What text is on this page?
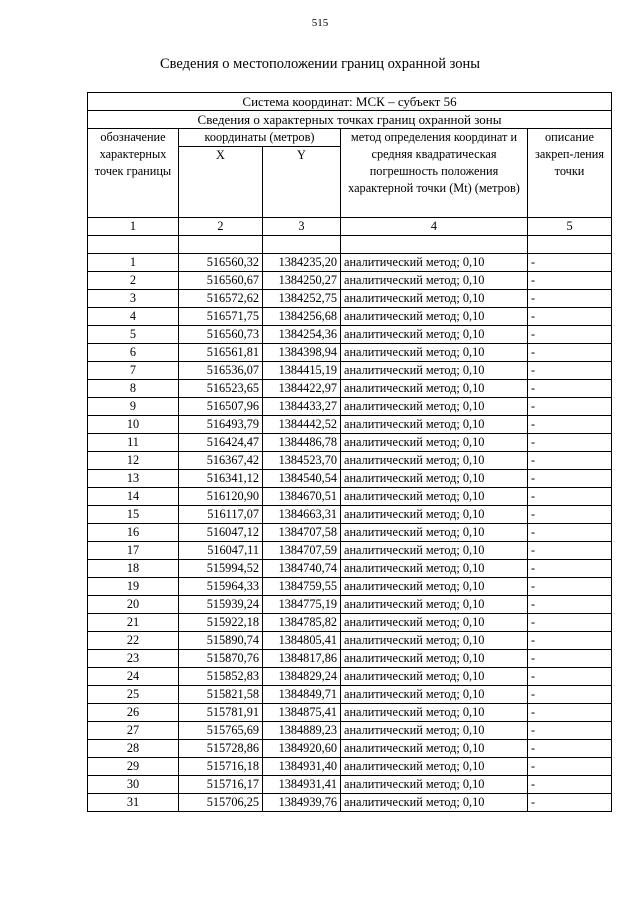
515
Сведения о местоположении границ охранной зоны
Система координат: МСК – субъект 56				
Сведения о характерных точках границ охранной зоны				
обозначение характерных точек границы	координаты (метров)		метод определения координат и средняя квадратическая погрешность положения характерной точки (Mt) (метров)	описание закреп-ления точки
	X	Y		
1	2	3	4	5

1	516560,32	1384235,20	аналитический метод; 0,10	-
2	516560,67	1384250,27	аналитический метод; 0,10	-
3	516572,62	1384252,75	аналитический метод; 0,10	-
4	516571,75	1384256,68	аналитический метод; 0,10	-
5	516560,73	1384254,36	аналитический метод; 0,10	-
6	516561,81	1384398,94	аналитический метод; 0,10	-
7	516536,07	1384415,19	аналитический метод; 0,10	-
8	516523,65	1384422,97	аналитический метод; 0,10	-
9	516507,96	1384433,27	аналитический метод; 0,10	-
10	516493,79	1384442,52	аналитический метод; 0,10	-
11	516424,47	1384486,78	аналитический метод; 0,10	-
12	516367,42	1384523,70	аналитический метод; 0,10	-
13	516341,12	1384540,54	аналитический метод; 0,10	-
14	516120,90	1384670,51	аналитический метод; 0,10	-
15	516117,07	1384663,31	аналитический метод; 0,10	-
16	516047,12	1384707,58	аналитический метод; 0,10	-
17	516047,11	1384707,59	аналитический метод; 0,10	-
18	515994,52	1384740,74	аналитический метод; 0,10	-
19	515964,33	1384759,55	аналитический метод; 0,10	-
20	515939,24	1384775,19	аналитический метод; 0,10	-
21	515922,18	1384785,82	аналитический метод; 0,10	-
22	515890,74	1384805,41	аналитический метод; 0,10	-
23	515870,76	1384817,86	аналитический метод; 0,10	-
24	515852,83	1384829,24	аналитический метод; 0,10	-
25	515821,58	1384849,71	аналитический метод; 0,10	-
26	515781,91	1384875,41	аналитический метод; 0,10	-
27	515765,69	1384889,23	аналитический метод; 0,10	-
28	515728,86	1384920,60	аналитический метод; 0,10	-
29	515716,18	1384931,40	аналитический метод; 0,10	-
30	515716,17	1384931,41	аналитический метод; 0,10	-
31	515706,25	1384939,76	аналитический метод; 0,10	-
